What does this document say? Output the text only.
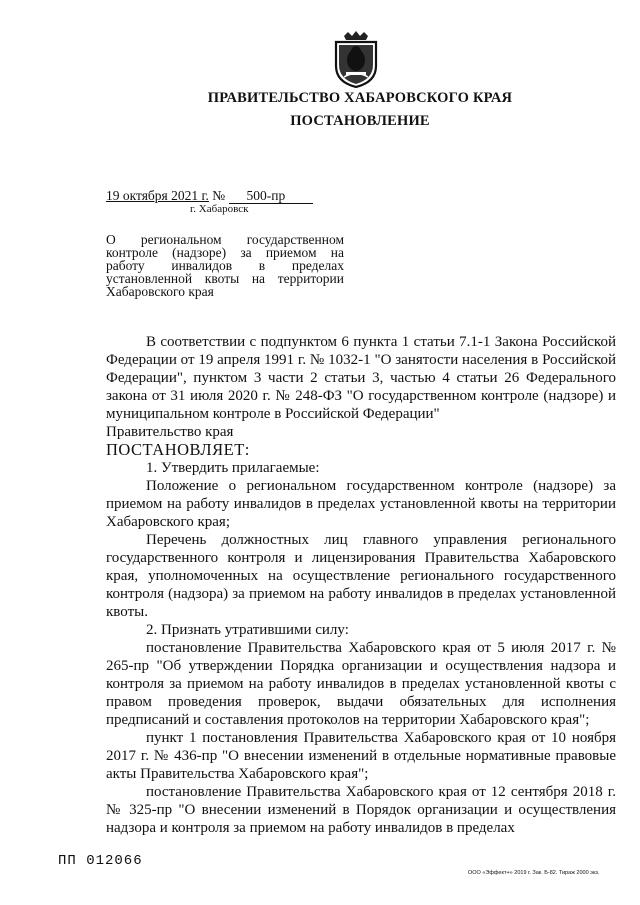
ПРАВИТЕЛЬСТВО ХАБАРОВСКОГО КРАЯ
ПОСТАНОВЛЕНИЕ
19 октября 2021 г. № 500-пр
г. Хабаровск
О региональном государственном
контроле (надзоре) за приемом на
работу инвалидов в пределах
установленной квоты на территории
Хабаровского края

В соответствии с подпунктом 6 пункта 1 статьи 7.1-1 Закона Российской Федерации от 19 апреля 1991 г. № 1032-1 "О занятости населения в Российской Федерации", пунктом 3 части 2 статьи 3, частью 4 статьи 26 Федерального закона от 31 июля 2020 г. № 248-ФЗ "О государственном контроле (надзоре) и муниципальном контроле в Российской Федерации"

Правительство края

ПОСТАНОВЛЯЕТ:

1. Утвердить прилагаемые:

Положение о региональном государственном контроле (надзоре) за приемом на работу инвалидов в пределах установленной квоты на территории Хабаровского края;

Перечень должностных лиц главного управления регионального государственного контроля и лицензирования Правительства Хабаровского края, уполномоченных на осуществление регионального государственного контроля (надзора) за приемом на работу инвалидов в пределах установленной квоты.

2. Признать утратившими силу:

постановление Правительства Хабаровского края от 5 июля 2017 г. № 265-пр "Об утверждении Порядка организации и осуществления надзора и контроля за приемом на работу инвалидов в пределах установленной квоты с правом проведения проверок, выдачи обязательных для исполнения предписаний и составления протоколов на территории Хабаровского края";

пункт 1 постановления Правительства Хабаровского края от 10 ноября 2017 г. № 436-пр "О внесении изменений в отдельные нормативные правовые акты Правительства Хабаровского края";

постановление Правительства Хабаровского края от 12 сентября 2018 г. № 325-пр "О внесении изменений в Порядок организации и осуществления надзора и контроля за приемом на работу инвалидов в пределах

ПП 012066
ООО «Эффект+» 2019 г. Зак. Б-82. Тираж 2000 экз.
